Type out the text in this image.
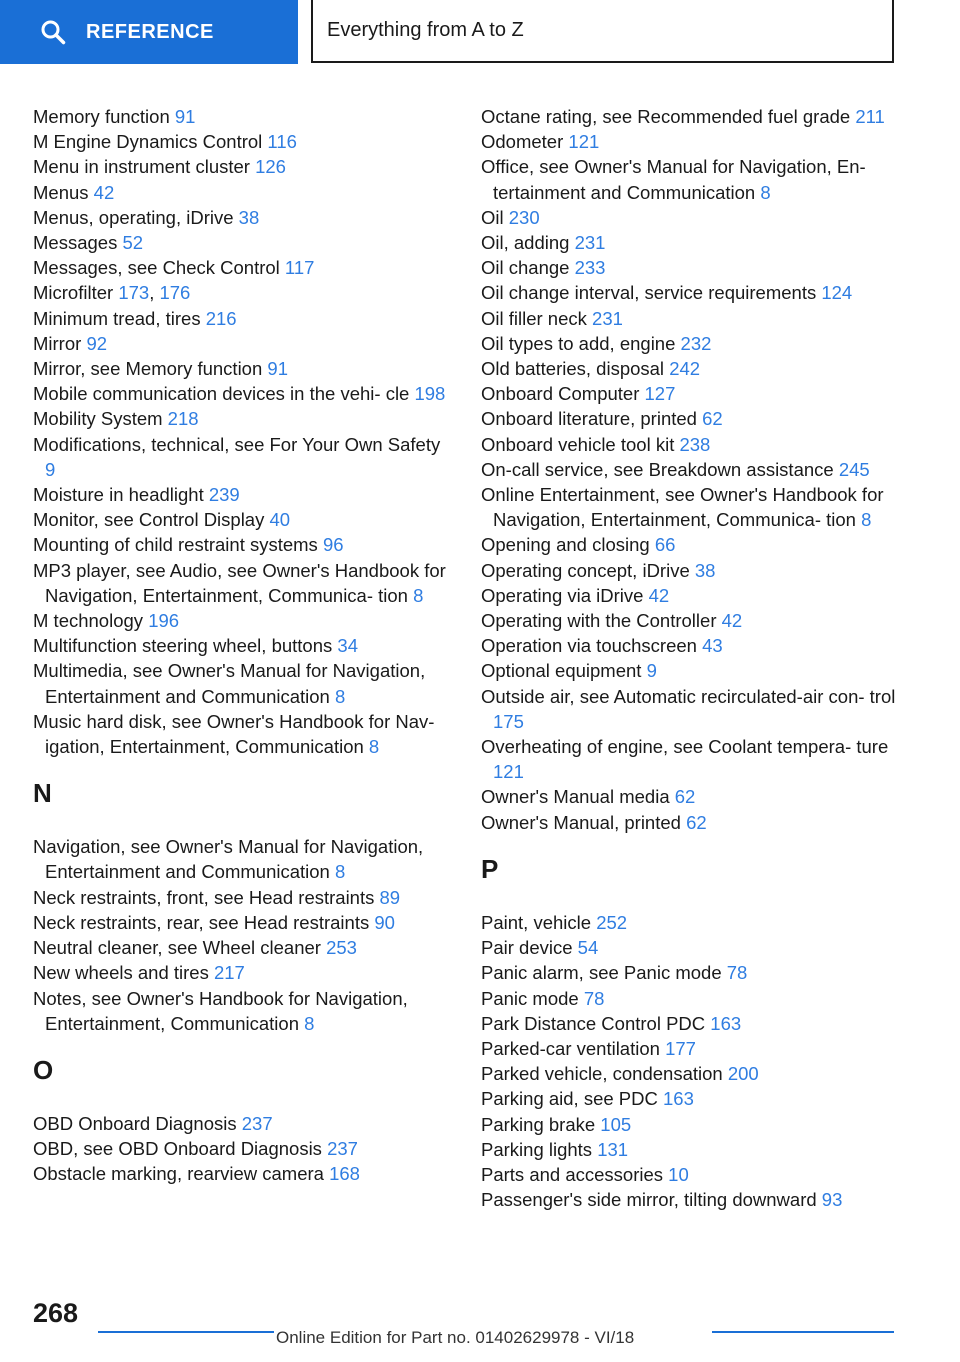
REFERENCE	Everything from A to Z
Memory function 91
M Engine Dynamics Control 116
Menu in instrument cluster 126
Menus 42
Menus, operating, iDrive 38
Messages 52
Messages, see Check Control 117
Microfilter 173, 176
Minimum tread, tires 216
Mirror 92
Mirror, see Memory function 91
Mobile communication devices in the vehi‐ cle 198
Mobility System 218
Modifications, technical, see For Your Own Safety 9
Moisture in headlight 239
Monitor, see Control Display 40
Mounting of child restraint systems 96
MP3 player, see Audio, see Owner's Handbook for Navigation, Entertainment, Communica‐ tion 8
M technology 196
Multifunction steering wheel, buttons 34
Multimedia, see Owner's Manual for Navigation, Entertainment and Communication 8
Music hard disk, see Owner's Handbook for Nav‐ igation, Entertainment, Communication 8
N
Navigation, see Owner's Manual for Navigation, Entertainment and Communication 8
Neck restraints, front, see Head restraints 89
Neck restraints, rear, see Head restraints 90
Neutral cleaner, see Wheel cleaner 253
New wheels and tires 217
Notes, see Owner's Handbook for Navigation, Entertainment, Communication 8
O
OBD Onboard Diagnosis 237
OBD, see OBD Onboard Diagnosis 237
Obstacle marking, rearview camera 168
Octane rating, see Recommended fuel grade 211
Odometer 121
Office, see Owner's Manual for Navigation, En‐ tertainment and Communication 8
Oil 230
Oil, adding 231
Oil change 233
Oil change interval, service requirements 124
Oil filler neck 231
Oil types to add, engine 232
Old batteries, disposal 242
Onboard Computer 127
Onboard literature, printed 62
Onboard vehicle tool kit 238
On-call service, see Breakdown assistance 245
Online Entertainment, see Owner's Handbook for Navigation, Entertainment, Communica‐ tion 8
Opening and closing 66
Operating concept, iDrive 38
Operating via iDrive 42
Operating with the Controller 42
Operation via touchscreen 43
Optional equipment 9
Outside air, see Automatic recirculated-air con‐ trol 175
Overheating of engine, see Coolant tempera‐ ture 121
Owner's Manual media 62
Owner's Manual, printed 62
P
Paint, vehicle 252
Pair device 54
Panic alarm, see Panic mode 78
Panic mode 78
Park Distance Control PDC 163
Parked-car ventilation 177
Parked vehicle, condensation 200
Parking aid, see PDC 163
Parking brake 105
Parking lights 131
Parts and accessories 10
Passenger's side mirror, tilting downward 93
268
Online Edition for Part no. 01402629978 - VI/18
